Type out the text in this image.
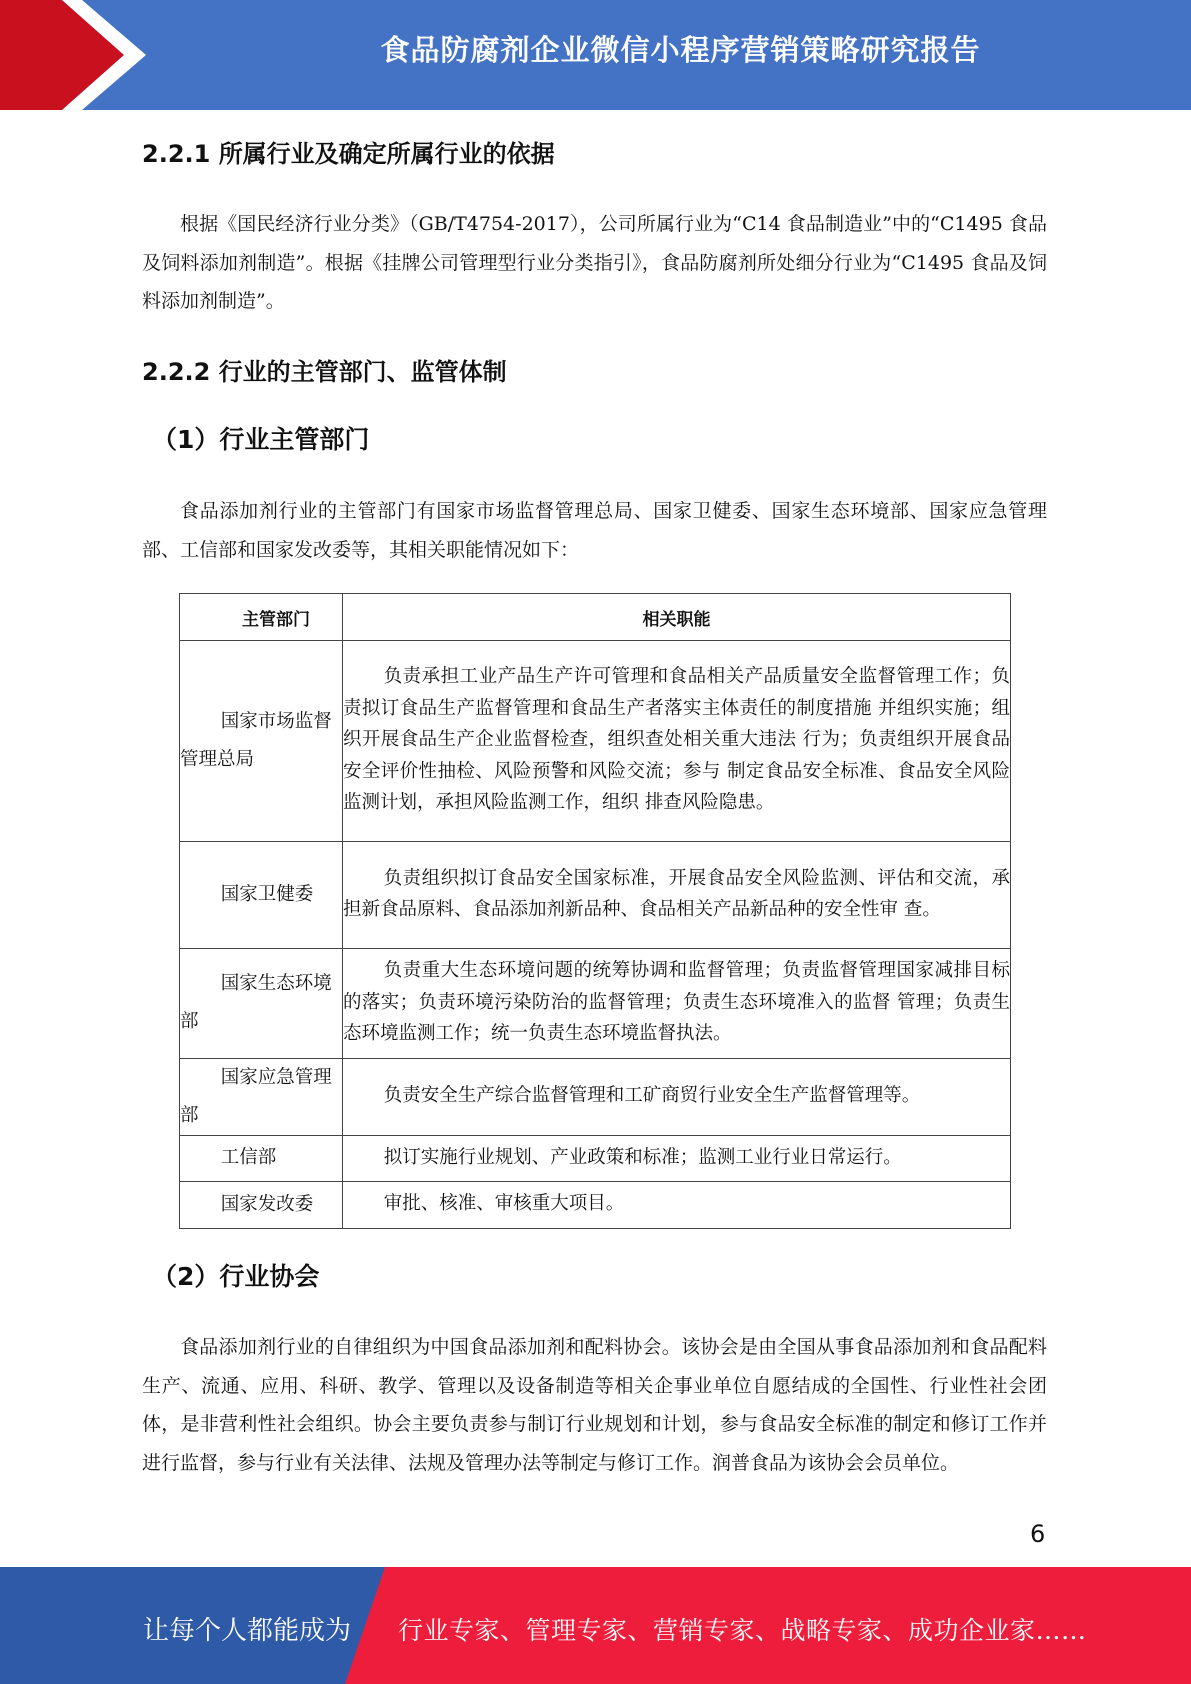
食品防腐剂企业微信小程序营销策略研究报告
2.2.1 所属行业及确定所属行业的依据

根据《国民经济行业分类》（GB/T4754-2017），公司所属行业为“C14 食品制造业”中的“C1495 食品及饲料添加剂制造”。根据《挂牌公司管理型行业分类指引》，食品防腐剂所处细分行业为“C1495 食品及饲料添加剂制造”。

2.2.2 行业的主管部门、监管体制
（1）行业主管部门

食品添加剂行业的主管部门有国家市场监督管理总局、国家卫健委、国家生态环境部、国家应急管理部、工信部和国家发改委等，其相关职能情况如下：

主管部门	相关职能
国家市场监督管理总局	负责承担工业产品生产许可管理和食品相关产品质量安全监督管理工作；负责拟订食品生产监督管理和食品生产者落实主体责任的制度措施 并组织实施；组织开展食品生产企业监督检查，组织查处相关重大违法 行为；负责组织开展食品安全评价性抽检、风险预警和风险交流；参与 制定食品安全标准、食品安全风险监测计划，承担风险监测工作，组织 排查风险隐患。
国家卫健委	负责组织拟订食品安全国家标准，开展食品安全风险监测、评估和交流，承担新食品原料、食品添加剂新品种、食品相关产品新品种的安全性审 查。
国家生态环境部	负责重大生态环境问题的统筹协调和监督管理；负责监督管理国家减排目标的落实；负责环境污染防治的监督管理；负责生态环境准入的监督 管理；负责生态环境监测工作；统一负责生态环境监督执法。
国家应急管理部	负责安全生产综合监督管理和工矿商贸行业安全生产监督管理等。
工信部	拟订实施行业规划、产业政策和标准；监测工业行业日常运行。
国家发改委	审批、核准、审核重大项目。
（2）行业协会

食品添加剂行业的自律组织为中国食品添加剂和配料协会。该协会是由全国从事食品添加剂和食品配料生产、流通、应用、科研、教学、管理以及设备制造等相关企事业单位自愿结成的全国性、行业性社会团体，是非营利性社会组织。协会主要负责参与制订行业规划和计划，参与食品安全标准的制定和修订工作并进行监督，参与行业有关法律、法规及管理办法等制定与修订工作。润普食品为该协会会员单位。

6
让每个人都能成为 行业专家、管理专家、营销专家、战略专家、成功企业家……
